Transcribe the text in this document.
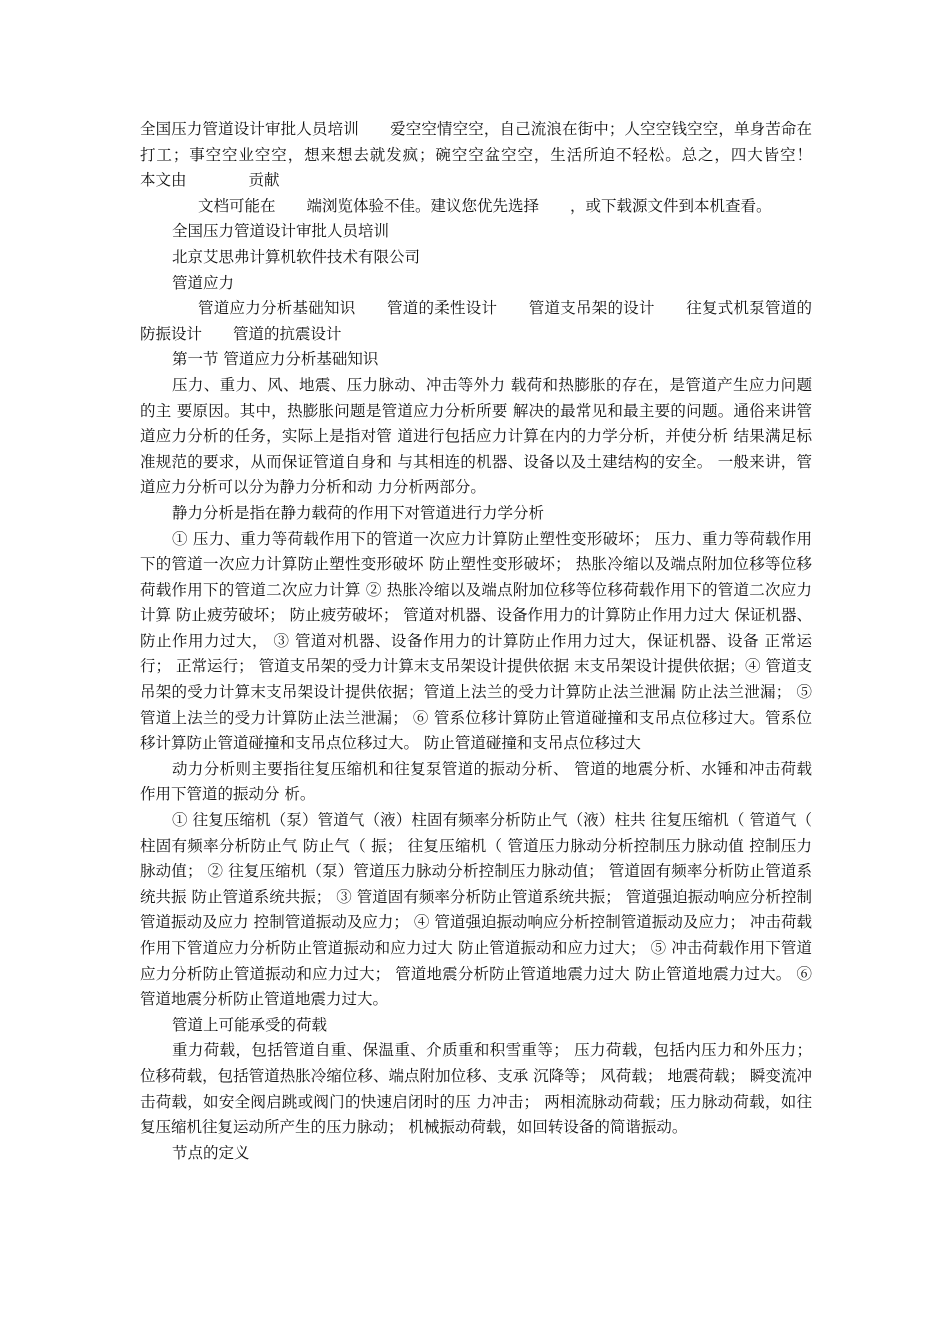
全国压力管道设计审批人员培训　　爱空空情空空，自己流浪在街中；人空空钱空空，单身苦命在打工；事空空业空空，想来想去就发疯；碗空空盆空空，生活所迫不轻松。总之，四大皆空！　　本文由　　　　贡献

文档可能在　　端浏览体验不佳。建议您优先选择　　，或下载源文件到本机查看。

全国压力管道设计审批人员培训

北京艾思弗计算机软件技术有限公司

管道应力

管道应力分析基础知识　　管道的柔性设计　　管道支吊架的设计　　往复式机泵管道的防振设计　　管道的抗震设计

第一节 管道应力分析基础知识

压力、重力、风、地震、压力脉动、冲击等外力 载荷和热膨胀的存在，是管道产生应力问题的主 要原因。其中，热膨胀问题是管道应力分析所要 解决的最常见和最主要的问题。通俗来讲管道应力分析的任务，实际上是指对管 道进行包括应力计算在内的力学分析，并使分析 结果满足标准规范的要求，从而保证管道自身和 与其相连的机器、设备以及土建结构的安全。 一般来讲，管道应力分析可以分为静力分析和动 力分析两部分。

静力分析是指在静力载荷的作用下对管道进行力学分析

① 压力、重力等荷载作用下的管道一次应力计算防止塑性变形破坏； 压力、重力等荷载作用下的管道一次应力计算防止塑性变形破坏 防止塑性变形破坏； 热胀冷缩以及端点附加位移等位移荷载作用下的管道二次应力计算 ② 热胀冷缩以及端点附加位移等位移荷载作用下的管道二次应力计算 防止疲劳破坏； 防止疲劳破坏； 管道对机器、设备作用力的计算防止作用力过大 保证机器、 防止作用力过大， ③ 管道对机器、设备作用力的计算防止作用力过大，保证机器、设备 正常运行； 正常运行； 管道支吊架的受力计算末支吊架设计提供依据 末支吊架设计提供依据；④ 管道支吊架的受力计算末支吊架设计提供依据；管道上法兰的受力计算防止法兰泄漏 防止法兰泄漏； ⑤ 管道上法兰的受力计算防止法兰泄漏； ⑥ 管系位移计算防止管道碰撞和支吊点位移过大。管系位移计算防止管道碰撞和支吊点位移过大。 防止管道碰撞和支吊点位移过大

动力分析则主要指往复压缩机和往复泵管道的振动分析、 管道的地震分析、水锤和冲击荷载作用下管道的振动分 析。

① 往复压缩机（泵）管道气（液）柱固有频率分析防止气（液）柱共 往复压缩机（ 管道气（ 柱固有频率分析防止气 防止气（ 振； 往复压缩机（ 管道压力脉动分析控制压力脉动值 控制压力脉动值； ② 往复压缩机（泵）管道压力脉动分析控制压力脉动值； 管道固有频率分析防止管道系统共振 防止管道系统共振； ③ 管道固有频率分析防止管道系统共振； 管道强迫振动响应分析控制管道振动及应力 控制管道振动及应力； ④ 管道强迫振动响应分析控制管道振动及应力； 冲击荷载作用下管道应力分析防止管道振动和应力过大 防止管道振动和应力过大； ⑤ 冲击荷载作用下管道应力分析防止管道振动和应力过大； 管道地震分析防止管道地震力过大 防止管道地震力过大。 ⑥ 管道地震分析防止管道地震力过大。

管道上可能承受的荷载

重力荷载，包括管道自重、保温重、介质重和积雪重等； 压力荷载，包括内压力和外压力； 位移荷载，包括管道热胀冷缩位移、端点附加位移、支承 沉降等； 风荷载； 地震荷载； 瞬变流冲击荷载，如安全阀启跳或阀门的快速启闭时的压 力冲击； 两相流脉动荷载；压力脉动荷载，如往复压缩机往复运动所产生的压力脉动； 机械振动荷载，如回转设备的简谐振动。

节点的定义
